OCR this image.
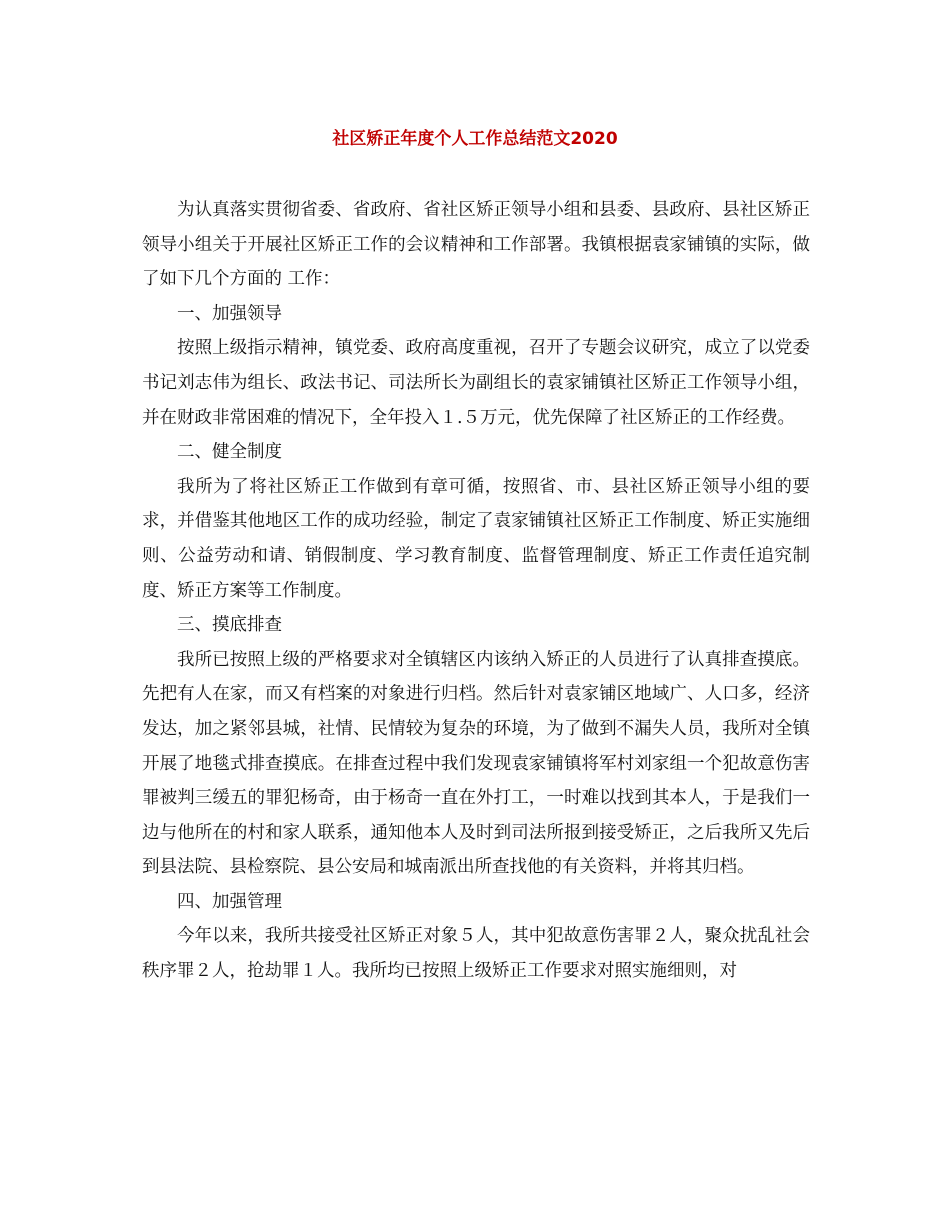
社区矫正年度个人工作总结范文2020

为认真落实贯彻省委、省政府、省社区矫正领导小组和县委、县政府、县社区矫正领导小组关于开展社区矫正工作的会议精神和工作部署。我镇根据袁家铺镇的实际，做了如下几个方面的 工作：

一、加强领导

按照上级指示精神，镇党委、政府高度重视，召开了专题会议研究，成立了以党委书记刘志伟为组长、政法书记、司法所长为副组长的袁家铺镇社区矫正工作领导小组，并在财政非常困难的情况下，全年投入１.５万元，优先保障了社区矫正的工作经费。

二、健全制度

我所为了将社区矫正工作做到有章可循，按照省、市、县社区矫正领导小组的要求，并借鉴其他地区工作的成功经验，制定了袁家铺镇社区矫正工作制度、矫正实施细则、公益劳动和请、销假制度、学习教育制度、监督管理制度、矫正工作责任追究制度、矫正方案等工作制度。

三、摸底排查

我所已按照上级的严格要求对全镇辖区内该纳入矫正的人员进行了认真排查摸底。先把有人在家，而又有档案的对象进行归档。然后针对袁家铺区地域广、人口多，经济发达，加之紧邻县城，社情、民情较为复杂的环境，为了做到不漏失人员，我所对全镇开展了地毯式排查摸底。在排查过程中我们发现袁家铺镇将军村刘家组一个犯故意伤害罪被判三缓五的罪犯杨奇，由于杨奇一直在外打工，一时难以找到其本人，于是我们一边与他所在的村和家人联系，通知他本人及时到司法所报到接受矫正，之后我所又先后到县法院、县检察院、县公安局和城南派出所查找他的有关资料，并将其归档。

四、加强管理

今年以来，我所共接受社区矫正对象５人，其中犯故意伤害罪２人，聚众扰乱社会秩序罪２人，抢劫罪１人。我所均已按照上级矫正工作要求对照实施细则，对
